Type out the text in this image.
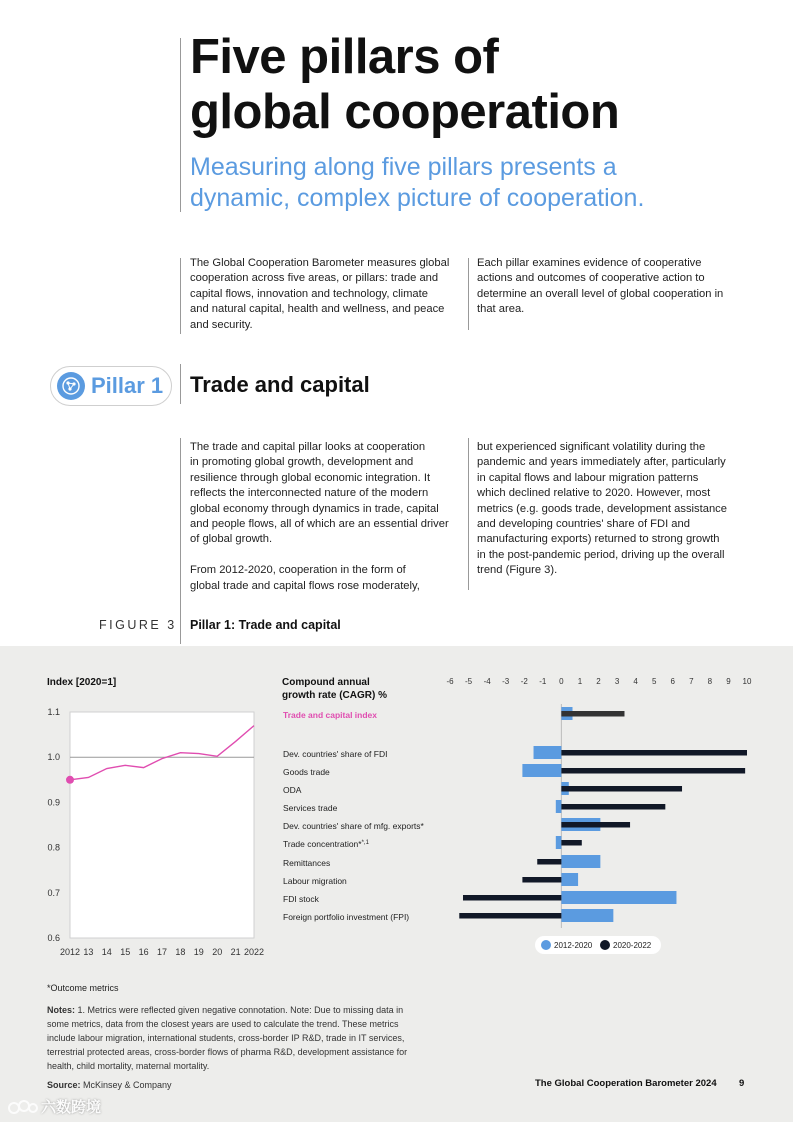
Five pillars of
global cooperation
Measuring along five pillars presents a
dynamic, complex picture of cooperation.
The Global Cooperation Barometer measures global
cooperation across five areas, or pillars: trade and
capital flows, innovation and technology, climate
and natural capital, health and wellness, and peace
and security.
Each pillar examines evidence of cooperative
actions and outcomes of cooperative action to
determine an overall level of global cooperation in
that area.
Pillar 1 Trade and capital
The trade and capital pillar looks at cooperation
in promoting global growth, development and
resilience through global economic integration. It
reflects the interconnected nature of the modern
global economy through dynamics in trade, capital
and people flows, all of which are an essential driver
of global growth.
From 2012-2020, cooperation in the form of
global trade and capital flows rose moderately,
but experienced significant volatility during the
pandemic and years immediately after, particularly
in capital flows and labour migration patterns
which declined relative to 2020. However, most
metrics (e.g. goods trade, development assistance
and developing countries' share of FDI and
manufacturing exports) returned to strong growth
in the post-pandemic period, driving up the overall
trend (Figure 3).
FIGURE 3 Pillar 1: Trade and capital
Index [2020=1]
1.1
1.0
0.9
0.8
0.7
0.6
2012 13 14 15 16 17 18 19 20 21 2022
Compound annual
growth rate (CAGR) %
-6 -5 -4 -3 -2 -1 0 1 2 3 4 5 6 7 8 9 10
Trade and capital index
Dev. countries' share of FDI
Goods trade
ODA
Services trade
Dev. countries' share of mfg. exports*
Trade concentration*$^{*,1}$
Remittances
Labour migration
FDI stock
Foreign portfolio investment (FPI)
2012-2020	2020-2022
*Outcome metrics
Notes: 1. Metrics were reflected given negative connotation. Note: Due to missing data in
some metrics, data from the closest years are used to calculate the trend. These metrics
include labour migration, international students, cross-border IP R&D, trade in IT services,
terrestrial protected areas, cross-border flows of pharma R&D, development assistance for
health, child mortality, maternal mortality.
Source: McKinsey & Company	The Global Cooperation Barometer 2024 9
六数跨境
